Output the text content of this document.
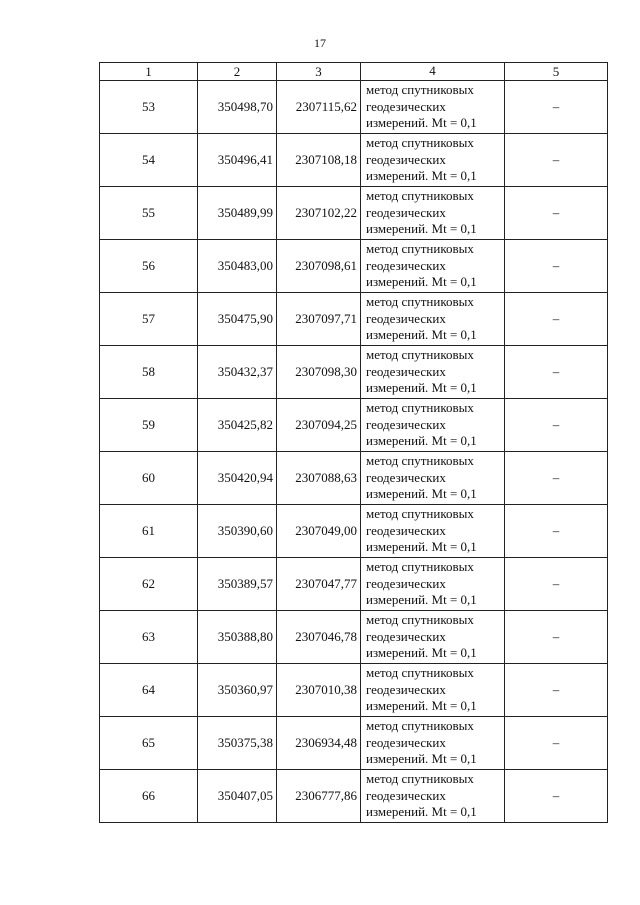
17
1	2	3	4	5
53	350498,70	2307115,62	метод спутниковых
геодезических
измерений. Mt = 0,1	–
54	350496,41	2307108,18	метод спутниковых
геодезических
измерений. Mt = 0,1	–
55	350489,99	2307102,22	метод спутниковых
геодезических
измерений. Mt = 0,1	–
56	350483,00	2307098,61	метод спутниковых
геодезических
измерений. Mt = 0,1	–
57	350475,90	2307097,71	метод спутниковых
геодезических
измерений. Mt = 0,1	–
58	350432,37	2307098,30	метод спутниковых
геодезических
измерений. Mt = 0,1	–
59	350425,82	2307094,25	метод спутниковых
геодезических
измерений. Mt = 0,1	–
60	350420,94	2307088,63	метод спутниковых
геодезических
измерений. Mt = 0,1	–
61	350390,60	2307049,00	метод спутниковых
геодезических
измерений. Mt = 0,1	–
62	350389,57	2307047,77	метод спутниковых
геодезических
измерений. Mt = 0,1	–
63	350388,80	2307046,78	метод спутниковых
геодезических
измерений. Mt = 0,1	–
64	350360,97	2307010,38	метод спутниковых
геодезических
измерений. Mt = 0,1	–
65	350375,38	2306934,48	метод спутниковых
геодезических
измерений. Mt = 0,1	–
66	350407,05	2306777,86	метод спутниковых
геодезических
измерений. Mt = 0,1	–
